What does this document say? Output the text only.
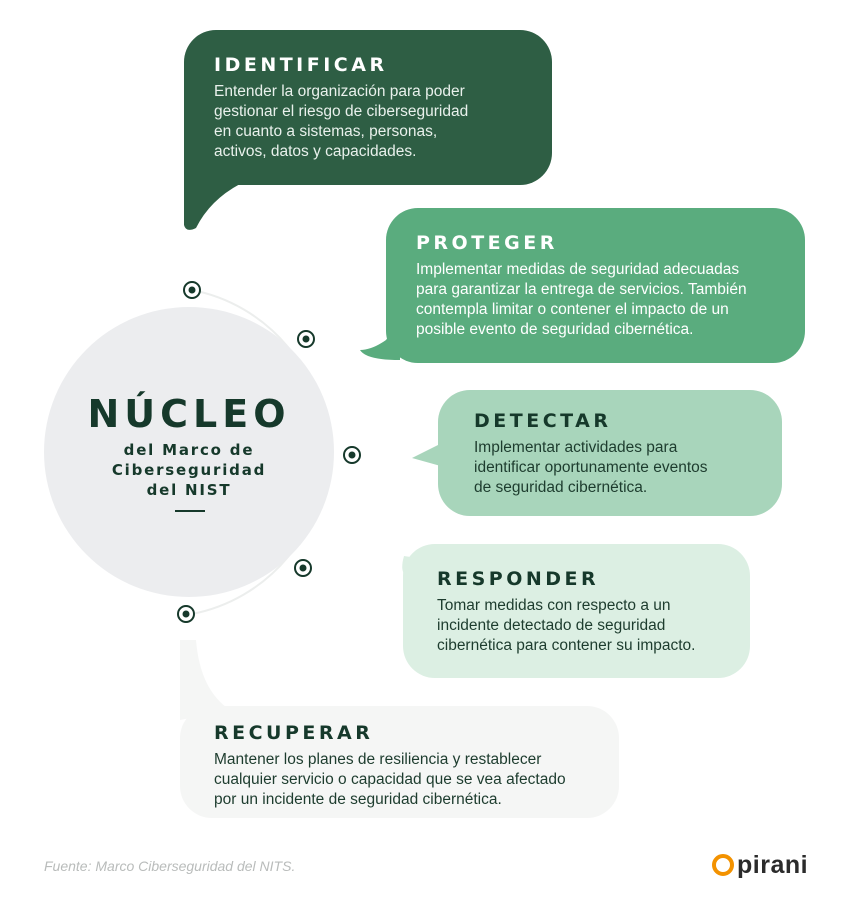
IDENTIFICAR

Entender la organización para poder
gestionar el riesgo de ciberseguridad
en cuanto a sistemas, personas,
activos, datos y capacidades.

PROTEGER

Implementar medidas de seguridad adecuadas
para garantizar la entrega de servicios. También
contempla limitar o contener el impacto de un
posible evento de seguridad cibernética.

DETECTAR

Implementar actividades para
identificar oportunamente eventos
de seguridad cibernética.

RESPONDER

Tomar medidas con respecto a un
incidente detectado de seguridad
cibernética para contener su impacto.

RECUPERAR

Mantener los planes de resiliencia y restablecer
cualquier servicio o capacidad que se vea afectado
por un incidente de seguridad cibernética.

NÚCLEO
del Marco de
Ciberseguridad
del NIST
Fuente: Marco Ciberseguridad del NITS.	pirani
